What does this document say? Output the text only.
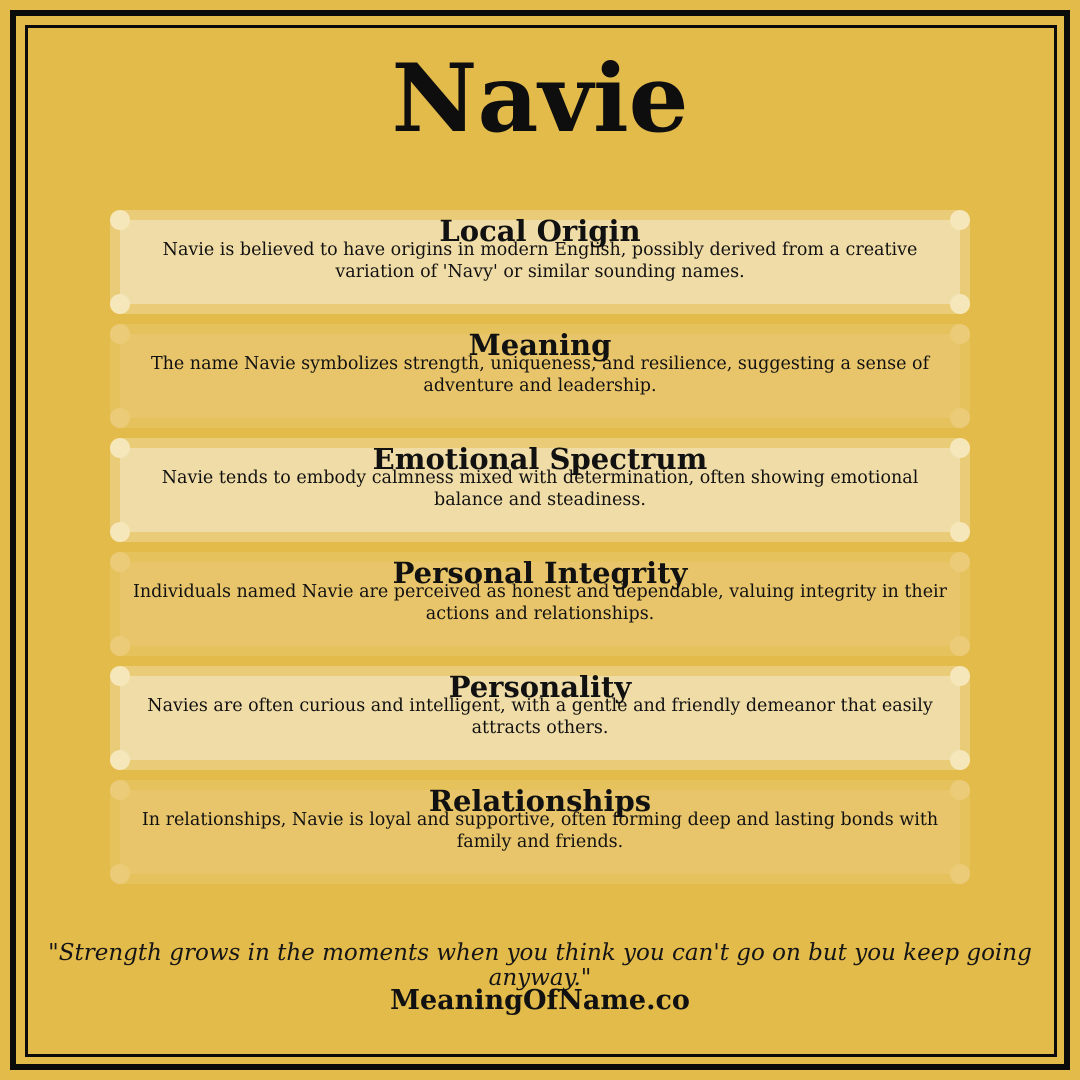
Navie
Local Origin

Navie is believed to have origins in modern English, possibly derived from a creative variation of 'Navy' or similar sounding names.

Meaning

The name Navie symbolizes strength, uniqueness, and resilience, suggesting a sense of adventure and leadership.

Emotional Spectrum

Navie tends to embody calmness mixed with determination, often showing emotional balance and steadiness.

Personal Integrity

Individuals named Navie are perceived as honest and dependable, valuing integrity in their actions and relationships.

Personality

Navies are often curious and intelligent, with a gentle and friendly demeanor that easily attracts others.

Relationships

In relationships, Navie is loyal and supportive, often forming deep and lasting bonds with family and friends.

"Strength grows in the moments when you think you can't go on but you keep going anyway."
MeaningOfName.co
